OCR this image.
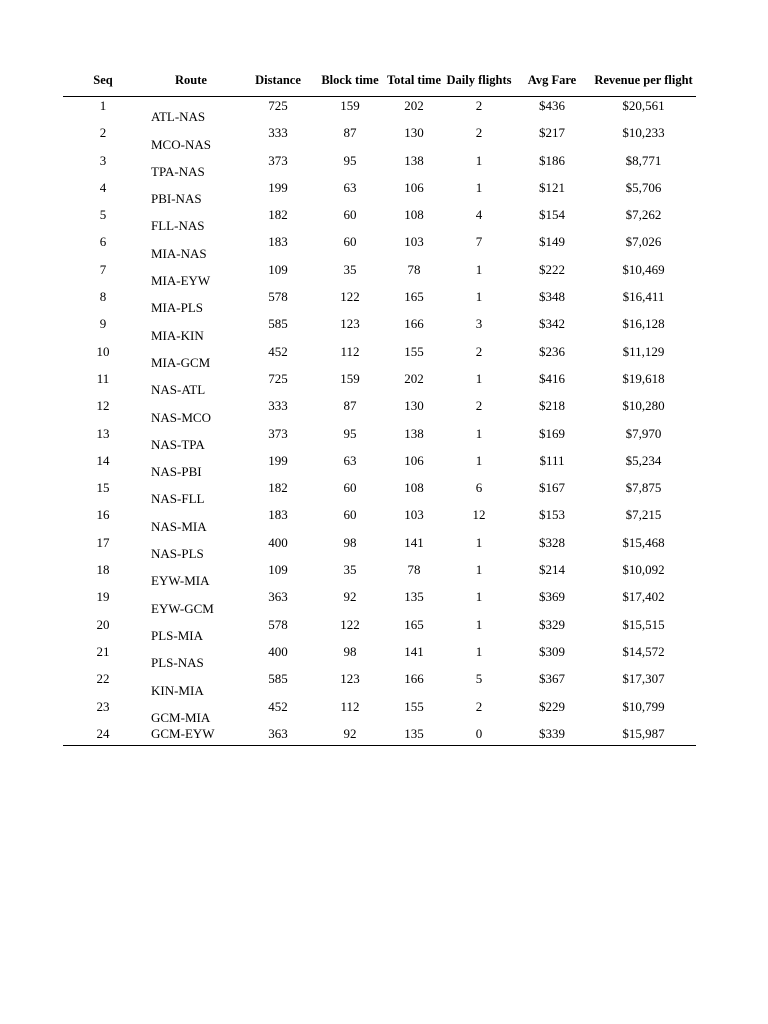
Seq	Route	Distance	Block time	Total time	Daily flights	Avg Fare	Revenue per flight
1	ATL-NAS	725	159	202	2	$436	$20,561
2	MCO-NAS	333	87	130	2	$217	$10,233
3	TPA-NAS	373	95	138	1	$186	$8,771
4	PBI-NAS	199	63	106	1	$121	$5,706
5	FLL-NAS	182	60	108	4	$154	$7,262
6	MIA-NAS	183	60	103	7	$149	$7,026
7	MIA-EYW	109	35	78	1	$222	$10,469
8	MIA-PLS	578	122	165	1	$348	$16,411
9	MIA-KIN	585	123	166	3	$342	$16,128
10	MIA-GCM	452	112	155	2	$236	$11,129
11	NAS-ATL	725	159	202	1	$416	$19,618
12	NAS-MCO	333	87	130	2	$218	$10,280
13	NAS-TPA	373	95	138	1	$169	$7,970
14	NAS-PBI	199	63	106	1	$111	$5,234
15	NAS-FLL	182	60	108	6	$167	$7,875
16	NAS-MIA	183	60	103	12	$153	$7,215
17	NAS-PLS	400	98	141	1	$328	$15,468
18	EYW-MIA	109	35	78	1	$214	$10,092
19	EYW-GCM	363	92	135	1	$369	$17,402
20	PLS-MIA	578	122	165	1	$329	$15,515
21	PLS-NAS	400	98	141	1	$309	$14,572
22	KIN-MIA	585	123	166	5	$367	$17,307
23	GCM-MIA	452	112	155	2	$229	$10,799
24	GCM-EYW	363	92	135	0	$339	$15,987
